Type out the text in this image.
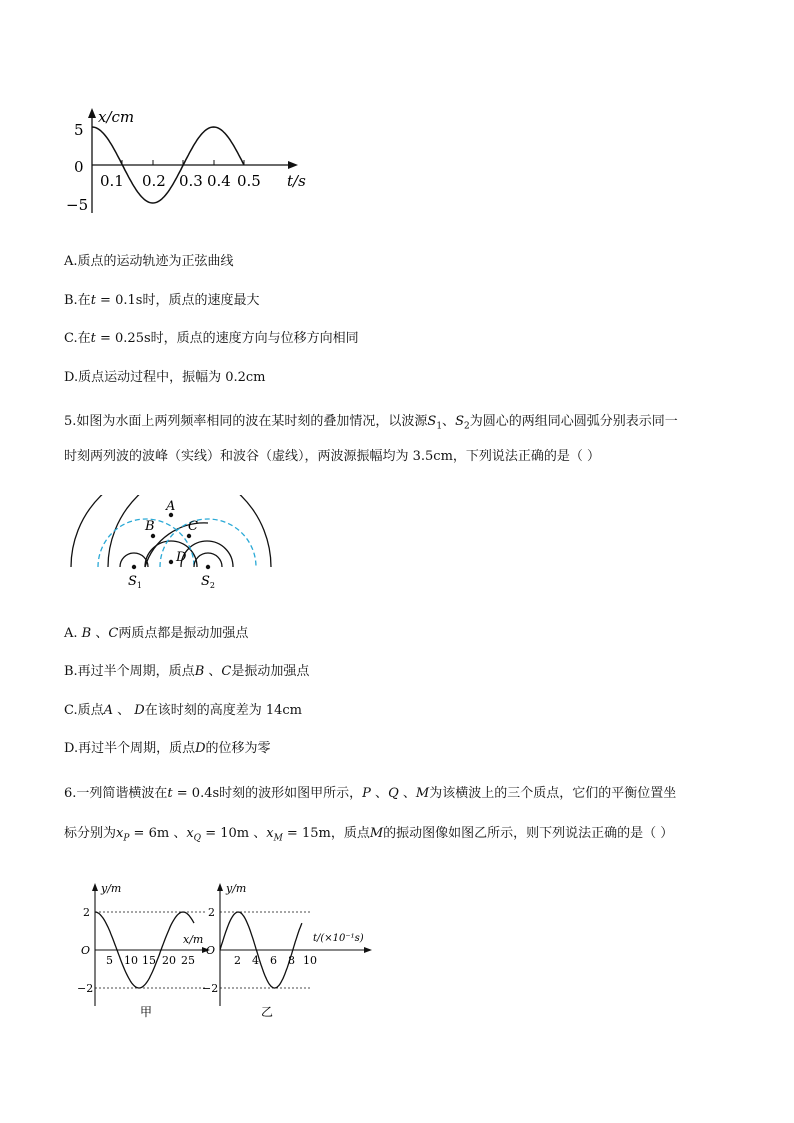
x/cm
t/s
5
0
−5
0.1 0.2 0.3 0.4 0.5
A.质点的运动轨迹为正弦曲线
B.在t = 0.1s时，质点的速度最大
C.在t = 0.25s时，质点的速度方向与位移方向相同
D.质点运动过程中，振幅为 0.2cm
5.如图为水面上两列频率相同的波在某时刻的叠加情况，以波源$S_1$、$S_2$为圆心的两组同心圆弧分别表示同一
时刻两列波的波峰（实线）和波谷（虚线），两波源振幅均为 3.5cm，下列说法正确的是（ ）
A
B	C
D
$S_1$	$S_2$
A. B 、C两质点都是振动加强点
B.再过半个周期，质点B 、C是振动加强点
C.质点A 、 D在该时刻的高度差为 14cm
D.再过半个周期，质点D的位移为零
6.一列简谐横波在t = 0.4s时刻的波形如图甲所示，P 、Q 、M为该横波上的三个质点，它们的平衡位置坐
标分别为$x_P = 6m$ 、$x_Q = 10m$ 、$x_M = 15m$，质点M的振动图像如图乙所示，则下列说法正确的是（ ）
y/m
x/m
O
2
−2
5 10 15 20 25
甲
y/m
t/(×10⁻¹s)
O
2
−2
2 4 6 8 10
乙
